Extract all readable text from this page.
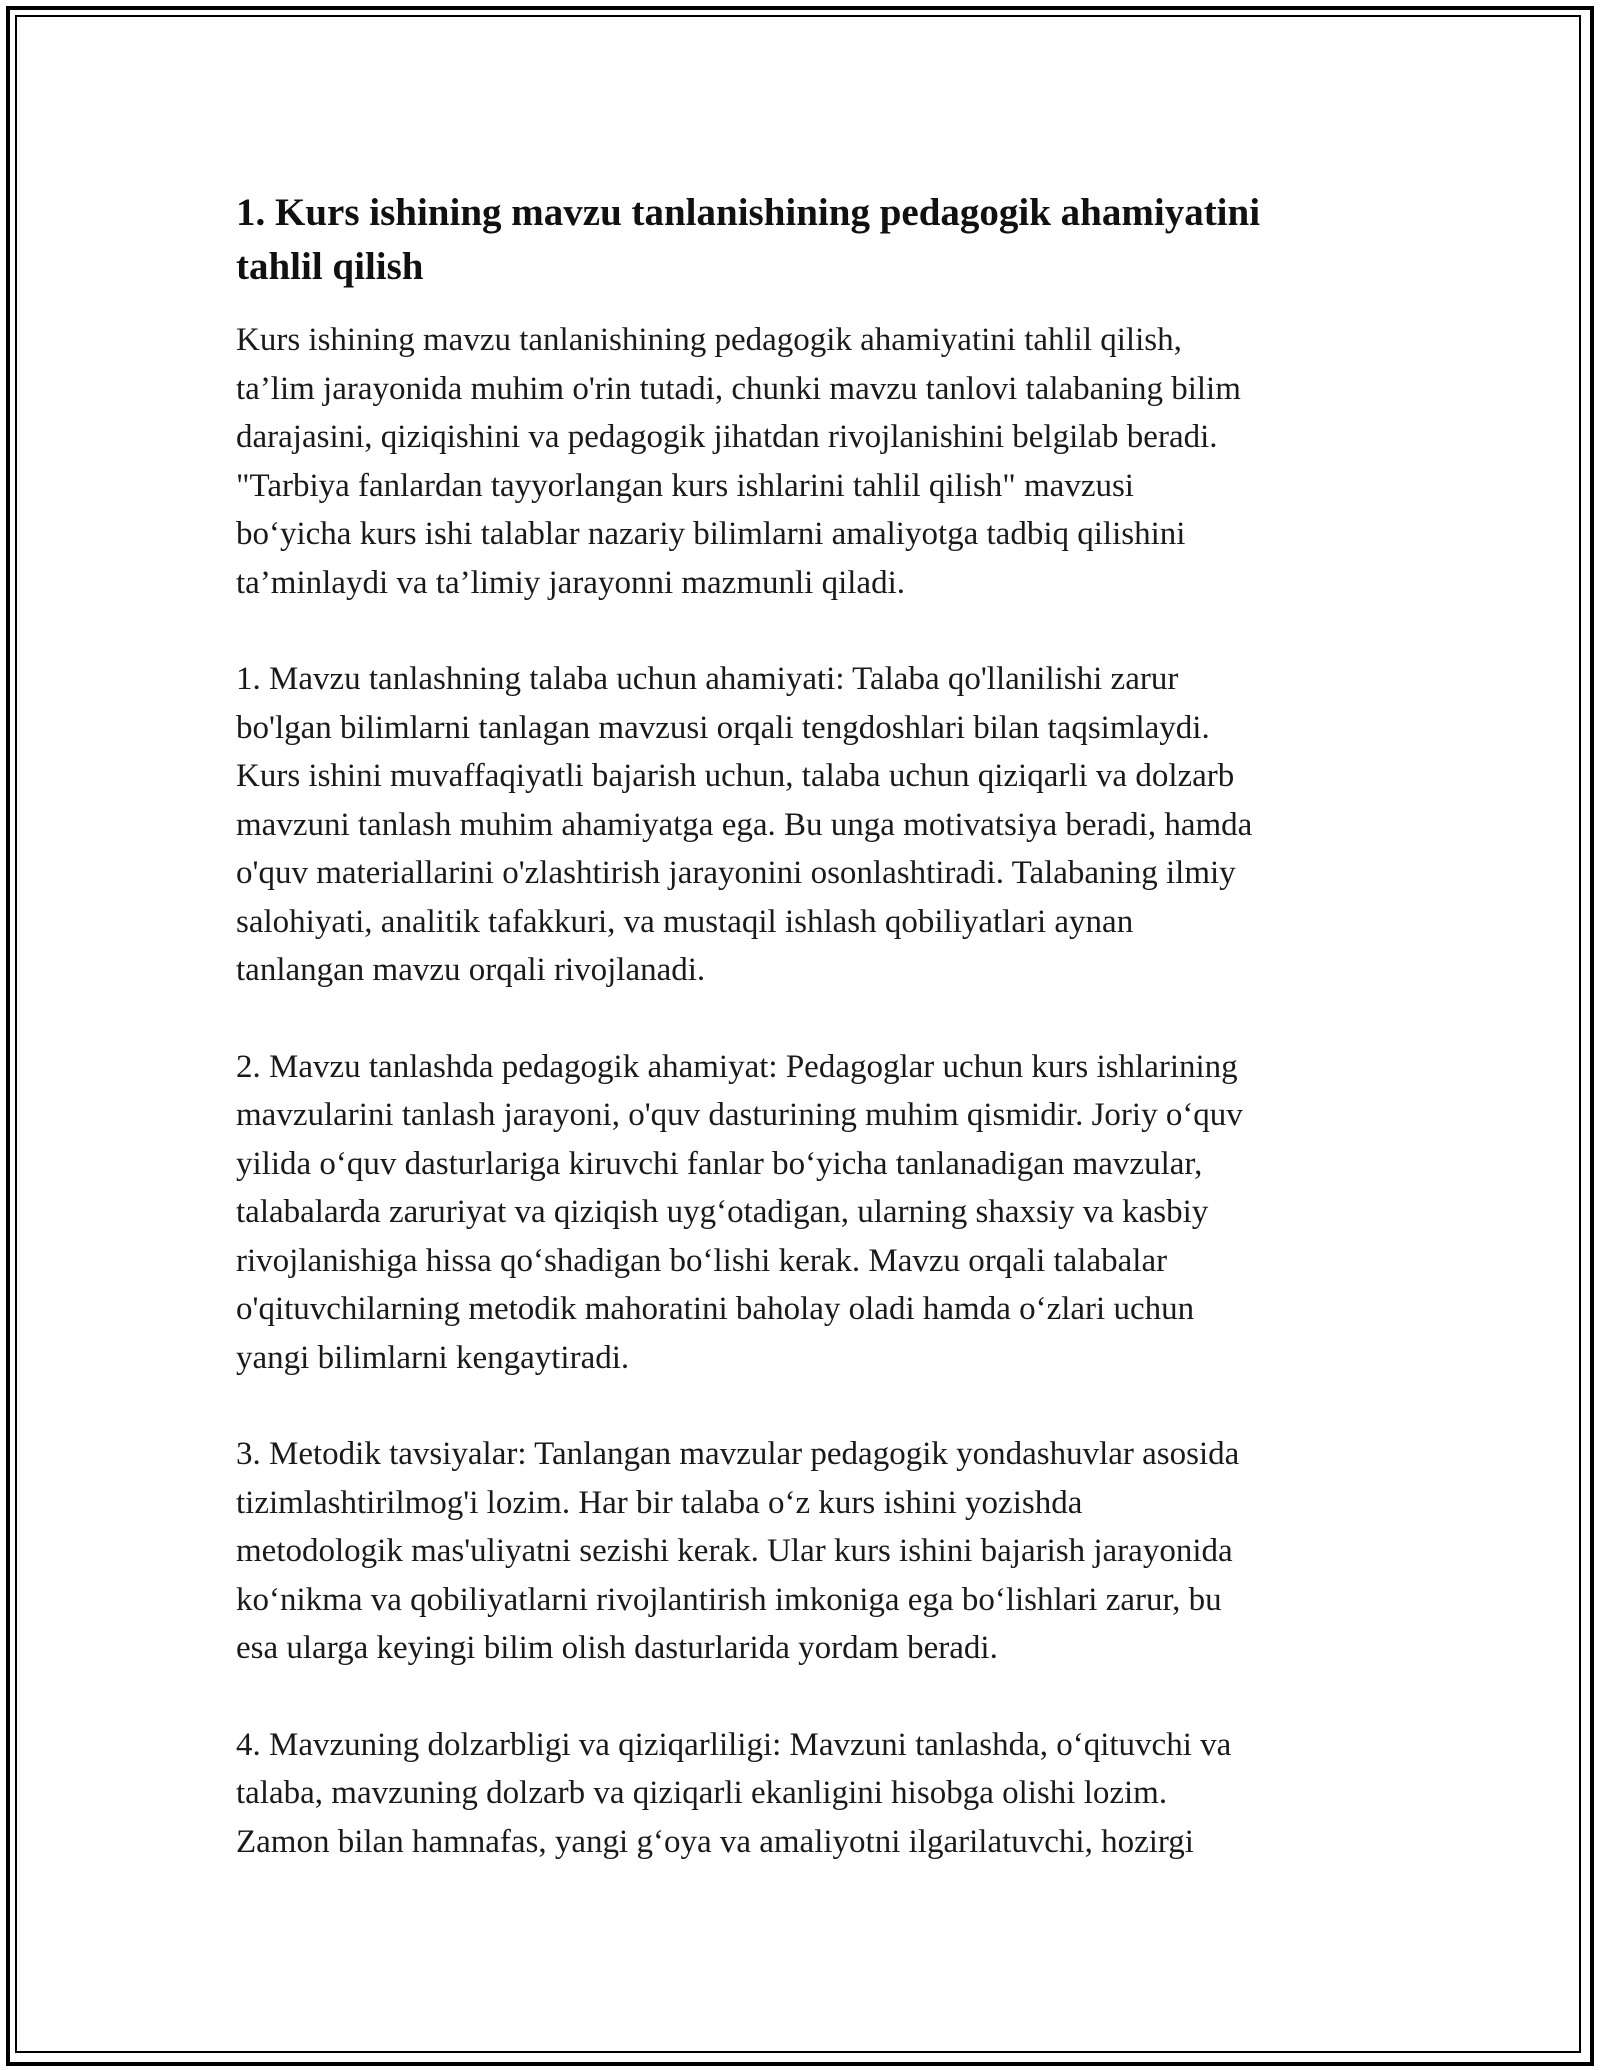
1. Kurs ishining mavzu tanlanishining pedagogik ahamiyatini
tahlil qilish
Kurs ishining mavzu tanlanishining pedagogik ahamiyatini tahlil qilish,
ta’lim jarayonida muhim o'rin tutadi, chunki mavzu tanlovi talabaning bilim
darajasini, qiziqishini va pedagogik jihatdan rivojlanishini belgilab beradi.
"Tarbiya fanlardan tayyorlangan kurs ishlarini tahlil qilish" mavzusi
bo‘yicha kurs ishi talablar nazariy bilimlarni amaliyotga tadbiq qilishini
ta’minlaydi va ta’limiy jarayonni mazmunli qiladi.
1. Mavzu tanlashning talaba uchun ahamiyati: Talaba qo'llanilishi zarur
bo'lgan bilimlarni tanlagan mavzusi orqali tengdoshlari bilan taqsimlaydi.
Kurs ishini muvaffaqiyatli bajarish uchun, talaba uchun qiziqarli va dolzarb
mavzuni tanlash muhim ahamiyatga ega. Bu unga motivatsiya beradi, hamda
o'quv materiallarini o'zlashtirish jarayonini osonlashtiradi. Talabaning ilmiy
salohiyati, analitik tafakkuri, va mustaqil ishlash qobiliyatlari aynan
tanlangan mavzu orqali rivojlanadi.
2. Mavzu tanlashda pedagogik ahamiyat: Pedagoglar uchun kurs ishlarining
mavzularini tanlash jarayoni, o'quv dasturining muhim qismidir. Joriy o‘quv
yilida o‘quv dasturlariga kiruvchi fanlar bo‘yicha tanlanadigan mavzular,
talabalarda zaruriyat va qiziqish uyg‘otadigan, ularning shaxsiy va kasbiy
rivojlanishiga hissa qo‘shadigan bo‘lishi kerak. Mavzu orqali talabalar
o'qituvchilarning metodik mahoratini baholay oladi hamda o‘zlari uchun
yangi bilimlarni kengaytiradi.
3. Metodik tavsiyalar: Tanlangan mavzular pedagogik yondashuvlar asosida
tizimlashtirilmog'i lozim. Har bir talaba o‘z kurs ishini yozishda
metodologik mas'uliyatni sezishi kerak. Ular kurs ishini bajarish jarayonida
ko‘nikma va qobiliyatlarni rivojlantirish imkoniga ega bo‘lishlari zarur, bu
esa ularga keyingi bilim olish dasturlarida yordam beradi.
4. Mavzuning dolzarbligi va qiziqarliligi: Mavzuni tanlashda, o‘qituvchi va
talaba, mavzuning dolzarb va qiziqarli ekanligini hisobga olishi lozim.
Zamon bilan hamnafas, yangi g‘oya va amaliyotni ilgarilatuvchi, hozirgi
